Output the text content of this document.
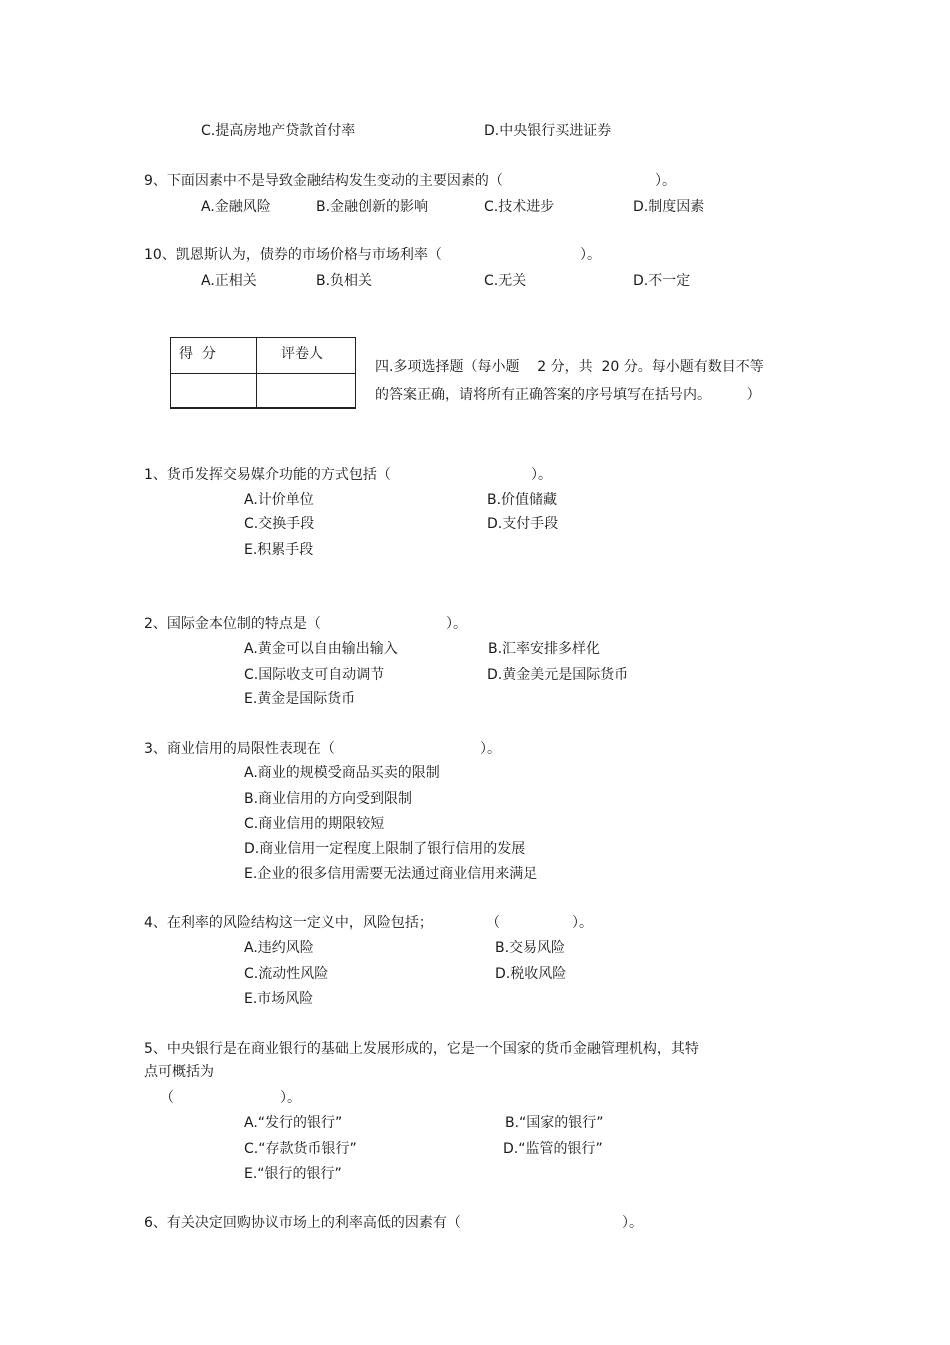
C.提高房地产贷款首付率	D.中央银行买进证券
9、下面因素中不是导致金融结构发生变动的主要因素的（	）。
A.金融风险	B.金融创新的影响	C.技术进步	D.制度因素
10、凯恩斯认为，债券的市场价格与市场利率（	）。
A.正相关	B.负相关	C.无关	D.不一定
得  分	评卷人
四.多项选择题（每小题    2 分，共  20 分。每小题有数目不等
的答案正确，请将所有正确答案的序号填写在括号内。        ）
1、货币发挥交易媒介功能的方式包括（	）。
A.计价单位	B.价值储藏
C.交换手段	D.支付手段
E.积累手段
2、国际金本位制的特点是（	）。
A.黄金可以自由输出输入	B.汇率安排多样化
C.国际收支可自动调节	D.黄金美元是国际货币
E.黄金是国际货币
3、商业信用的局限性表现在（	）。
A.商业的规模受商品买卖的限制
B.商业信用的方向受到限制
C.商业信用的期限较短
D.商业信用一定程度上限制了银行信用的发展
E.企业的很多信用需要无法通过商业信用来满足
4、在利率的风险结构这一定义中，风险包括；	（	）。
A.违约风险	B.交易风险
C.流动性风险	D.税收风险
E.市场风险
5、中央银行是在商业银行的基础上发展形成的，它是一个国家的货币金融管理机构，其特
点可概括为
（	）。
A.“发行的银行”	B.“国家的银行”
C.“存款货币银行”	D.“监管的银行”
E.“银行的银行”
6、有关决定回购协议市场上的利率高低的因素有（	）。
